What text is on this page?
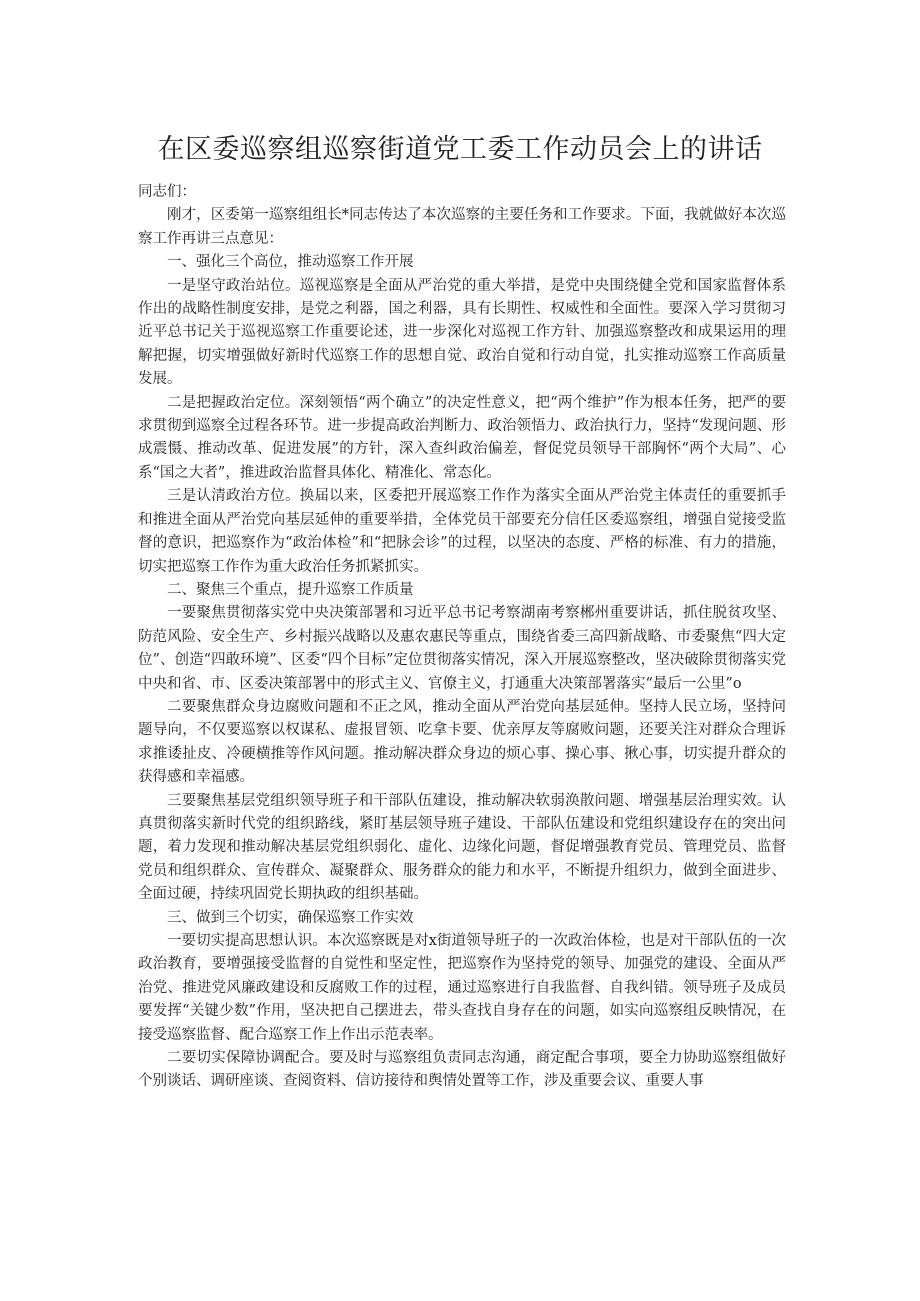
在区委巡察组巡察街道党工委工作动员会上的讲话

同志们：

刚才，区委第一巡察组组长*同志传达了本次巡察的主要任务和工作要求。下面，我就做好本次巡察工作再讲三点意见：

一、强化三个高位，推动巡察工作开展

一是坚守政治站位。巡视巡察是全面从严治党的重大举措，是党中央围绕健全党和国家监督体系作出的战略性制度安排，是党之利器，国之利器，具有长期性、权威性和全面性。要深入学习贯彻习近平总书记关于巡视巡察工作重要论述，进一步深化对巡视工作方针、加强巡察整改和成果运用的理解把握，切实增强做好新时代巡察工作的思想自觉、政治自觉和行动自觉，扎实推动巡察工作高质量发展。

二是把握政治定位。深刻领悟“两个确立”的决定性意义，把“两个维护”作为根本任务，把严的要求贯彻到巡察全过程各环节。进一步提高政治判断力、政治领悟力、政治执行力，坚持“发现问题、形成震慑、推动改革、促进发展”的方针，深入查纠政治偏差，督促党员领导干部胸怀“两个大局”、心系“国之大者”，推进政治监督具体化、精准化、常态化。

三是认清政治方位。换届以来，区委把开展巡察工作作为落实全面从严治党主体责任的重要抓手和推进全面从严治党向基层延伸的重要举措，全体党员干部要充分信任区委巡察组，增强自觉接受监督的意识，把巡察作为“政治体检”和“把脉会诊”的过程，以坚决的态度、严格的标准、有力的措施，切实把巡察工作作为重大政治任务抓紧抓实。

二、聚焦三个重点，提升巡察工作质量

一要聚焦贯彻落实党中央决策部署和习近平总书记考察湖南考察郴州重要讲话，抓住脱贫攻坚、防范风险、安全生产、乡村振兴战略以及惠农惠民等重点，围绕省委三高四新战略、市委聚焦“四大定位”、创造“四敢环境”、区委“四个目标”定位贯彻落实情况，深入开展巡察整改，坚决破除贯彻落实党中央和省、市、区委决策部署中的形式主义、官僚主义，打通重大决策部署落实“最后一公里”o

二要聚焦群众身边腐败问题和不正之风，推动全面从严治党向基层延伸。坚持人民立场，坚持问题导向，不仅要巡察以权谋私、虚报冒领、吃拿卡要、优亲厚友等腐败问题，还要关注对群众合理诉求推诿扯皮、冷硬横推等作风问题。推动解决群众身边的烦心事、操心事、揪心事，切实提升群众的获得感和幸福感。

三要聚焦基层党组织领导班子和干部队伍建设，推动解决软弱涣散问题、增强基层治理实效。认真贯彻落实新时代党的组织路线，紧盯基层领导班子建设、干部队伍建设和党组织建设存在的突出问题，着力发现和推动解决基层党组织弱化、虚化、边缘化问题，督促增强教育党员、管理党员、监督党员和组织群众、宣传群众、凝聚群众、服务群众的能力和水平，不断提升组织力，做到全面进步、全面过硬，持续巩固党长期执政的组织基础。

三、做到三个切实，确保巡察工作实效

一要切实提高思想认识。本次巡察既是对x街道领导班子的一次政治体检，也是对干部队伍的一次政治教育，要增强接受监督的自觉性和坚定性，把巡察作为坚持党的领导、加强党的建设、全面从严治党、推进党风廉政建设和反腐败工作的过程，通过巡察进行自我监督、自我纠错。领导班子及成员要发挥“关键少数”作用，坚决把自己摆进去，带头查找自身存在的问题，如实向巡察组反映情况，在接受巡察监督、配合巡察工作上作出示范表率。

二要切实保障协调配合。要及时与巡察组负责同志沟通，商定配合事项，要全力协助巡察组做好个别谈话、调研座谈、查阅资料、信访接待和舆情处置等工作，涉及重要会议、重要人事
